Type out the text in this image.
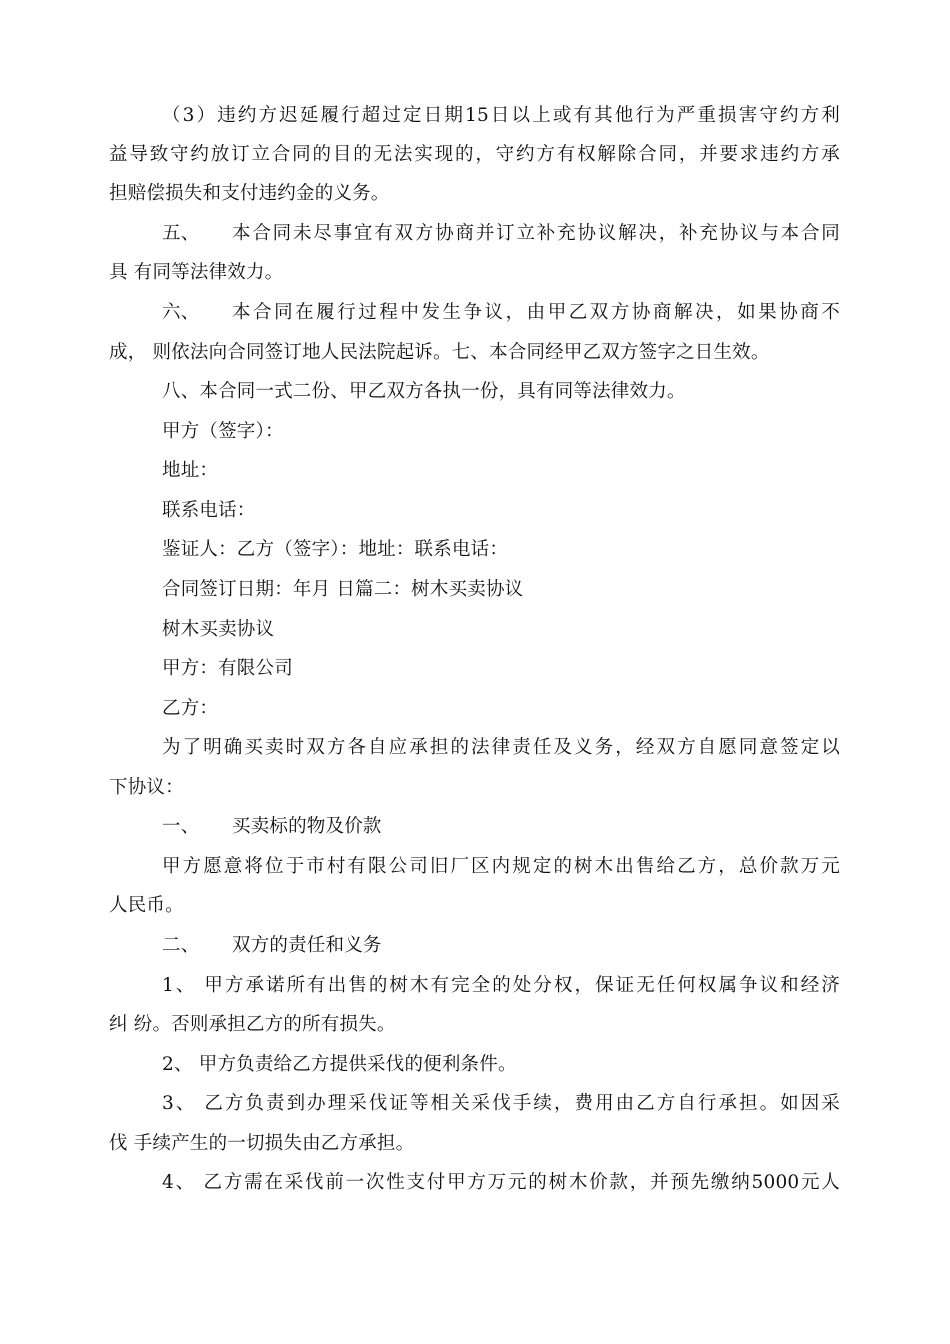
（3）违约方迟延履行超过定日期15日以上或有其他行为严重损害守约方利
益导致守约放订立合同的目的无法实现的，守约方有权解除合同，并要求违约方承
担赔偿损失和支付违约金的义务。
五、 本合同未尽事宜有双方协商并订立补充协议解决，补充协议与本合同
具 有同等法律效力。
六、 本合同在履行过程中发生争议，由甲乙双方协商解决，如果协商不
成， 则依法向合同签订地人民法院起诉。七、本合同经甲乙双方签字之日生效。
八、本合同一式二份、甲乙双方各执一份，具有同等法律效力。
甲方（签字）：
地址：
联系电话：
鉴证人：乙方（签字）：地址：联系电话：
合同签订日期：年月 日篇二：树木买卖协议
树木买卖协议
甲方：有限公司
乙方：
为了明确买卖时双方各自应承担的法律责任及义务，经双方自愿同意签定以
下协议：
一、 买卖标的物及价款
甲方愿意将位于市村有限公司旧厂区内规定的树木出售给乙方，总价款万元
人民币。
二、 双方的责任和义务
1、 甲方承诺所有出售的树木有完全的处分权，保证无任何权属争议和经济
纠 纷。否则承担乙方的所有损失。
2、 甲方负责给乙方提供采伐的便利条件。
3、 乙方负责到办理采伐证等相关采伐手续，费用由乙方自行承担。如因采
伐 手续产生的一切损失由乙方承担。
4、 乙方需在采伐前一次性支付甲方万元的树木价款，并预先缴纳5000元人
